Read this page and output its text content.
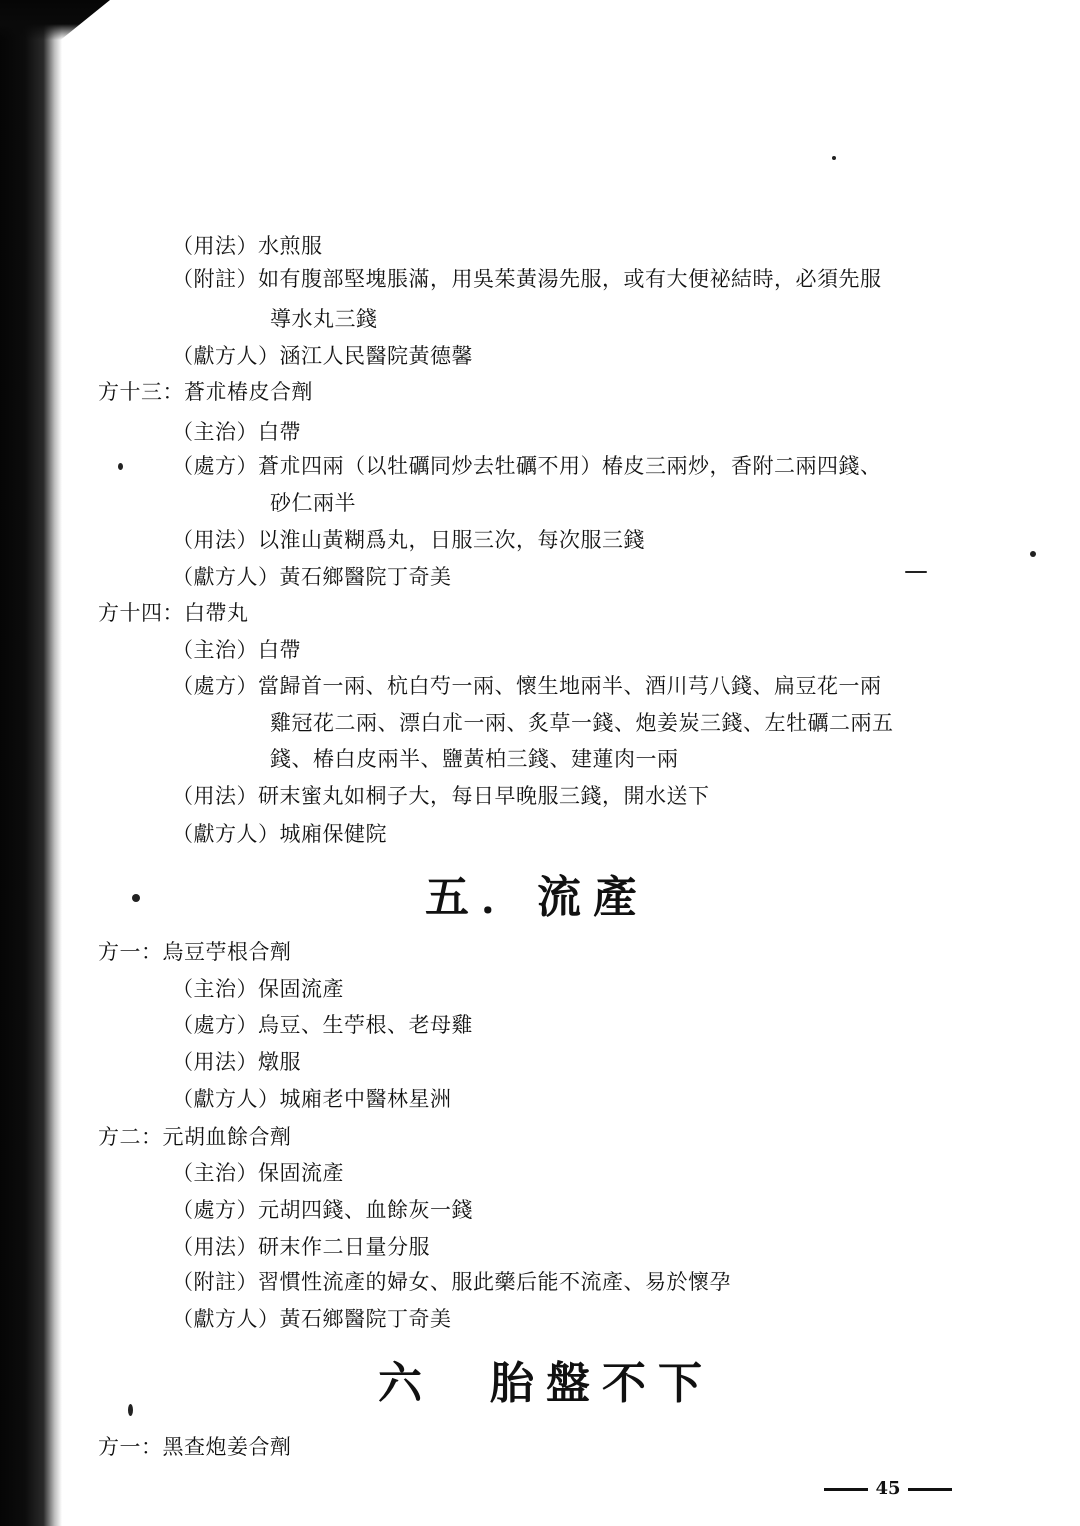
45
（用法）水煎服
（附註）如有腹部堅塊脹滿，用吳茱黃湯先服，或有大便祕結時，必須先服
導水丸三錢
（獻方人）涵江人民醫院黃德馨
方十三：蒼朮椿皮合劑
（主治）白帶
（處方）蒼朮四兩（以牡礪同炒去牡礪不用）椿皮三兩炒，香附二兩四錢、
砂仁兩半
（用法）以淮山黃糊爲丸，日服三次，每次服三錢
（獻方人）黃石鄉醫院丁奇美
方十四：白帶丸
（主治）白帶
（處方）當歸首一兩、杭白芍一兩、懷生地兩半、酒川芎八錢、扁豆花一兩
雞冠花二兩、漂白朮一兩、炙草一錢、炮姜炭三錢、左牡礪二兩五
錢、椿白皮兩半、鹽黃柏三錢、建蓮肉一兩
（用法）研末蜜丸如桐子大，每日早晚服三錢，開水送下
（獻方人）城廂保健院
方一：烏豆苧根合劑
（主治）保固流產
（處方）烏豆、生苧根、老母雞
（用法）燉服
（獻方人）城廂老中醫林星洲
方二：元胡血餘合劑
（主治）保固流產
（處方）元胡四錢、血餘灰一錢
（用法）研末作二日量分服
（附註）習慣性流產的婦女、服此藥后能不流產、易於懷孕
（獻方人）黃石鄉醫院丁奇美
方一：黑查炮姜合劑
五．流產
六　胎盤不下
